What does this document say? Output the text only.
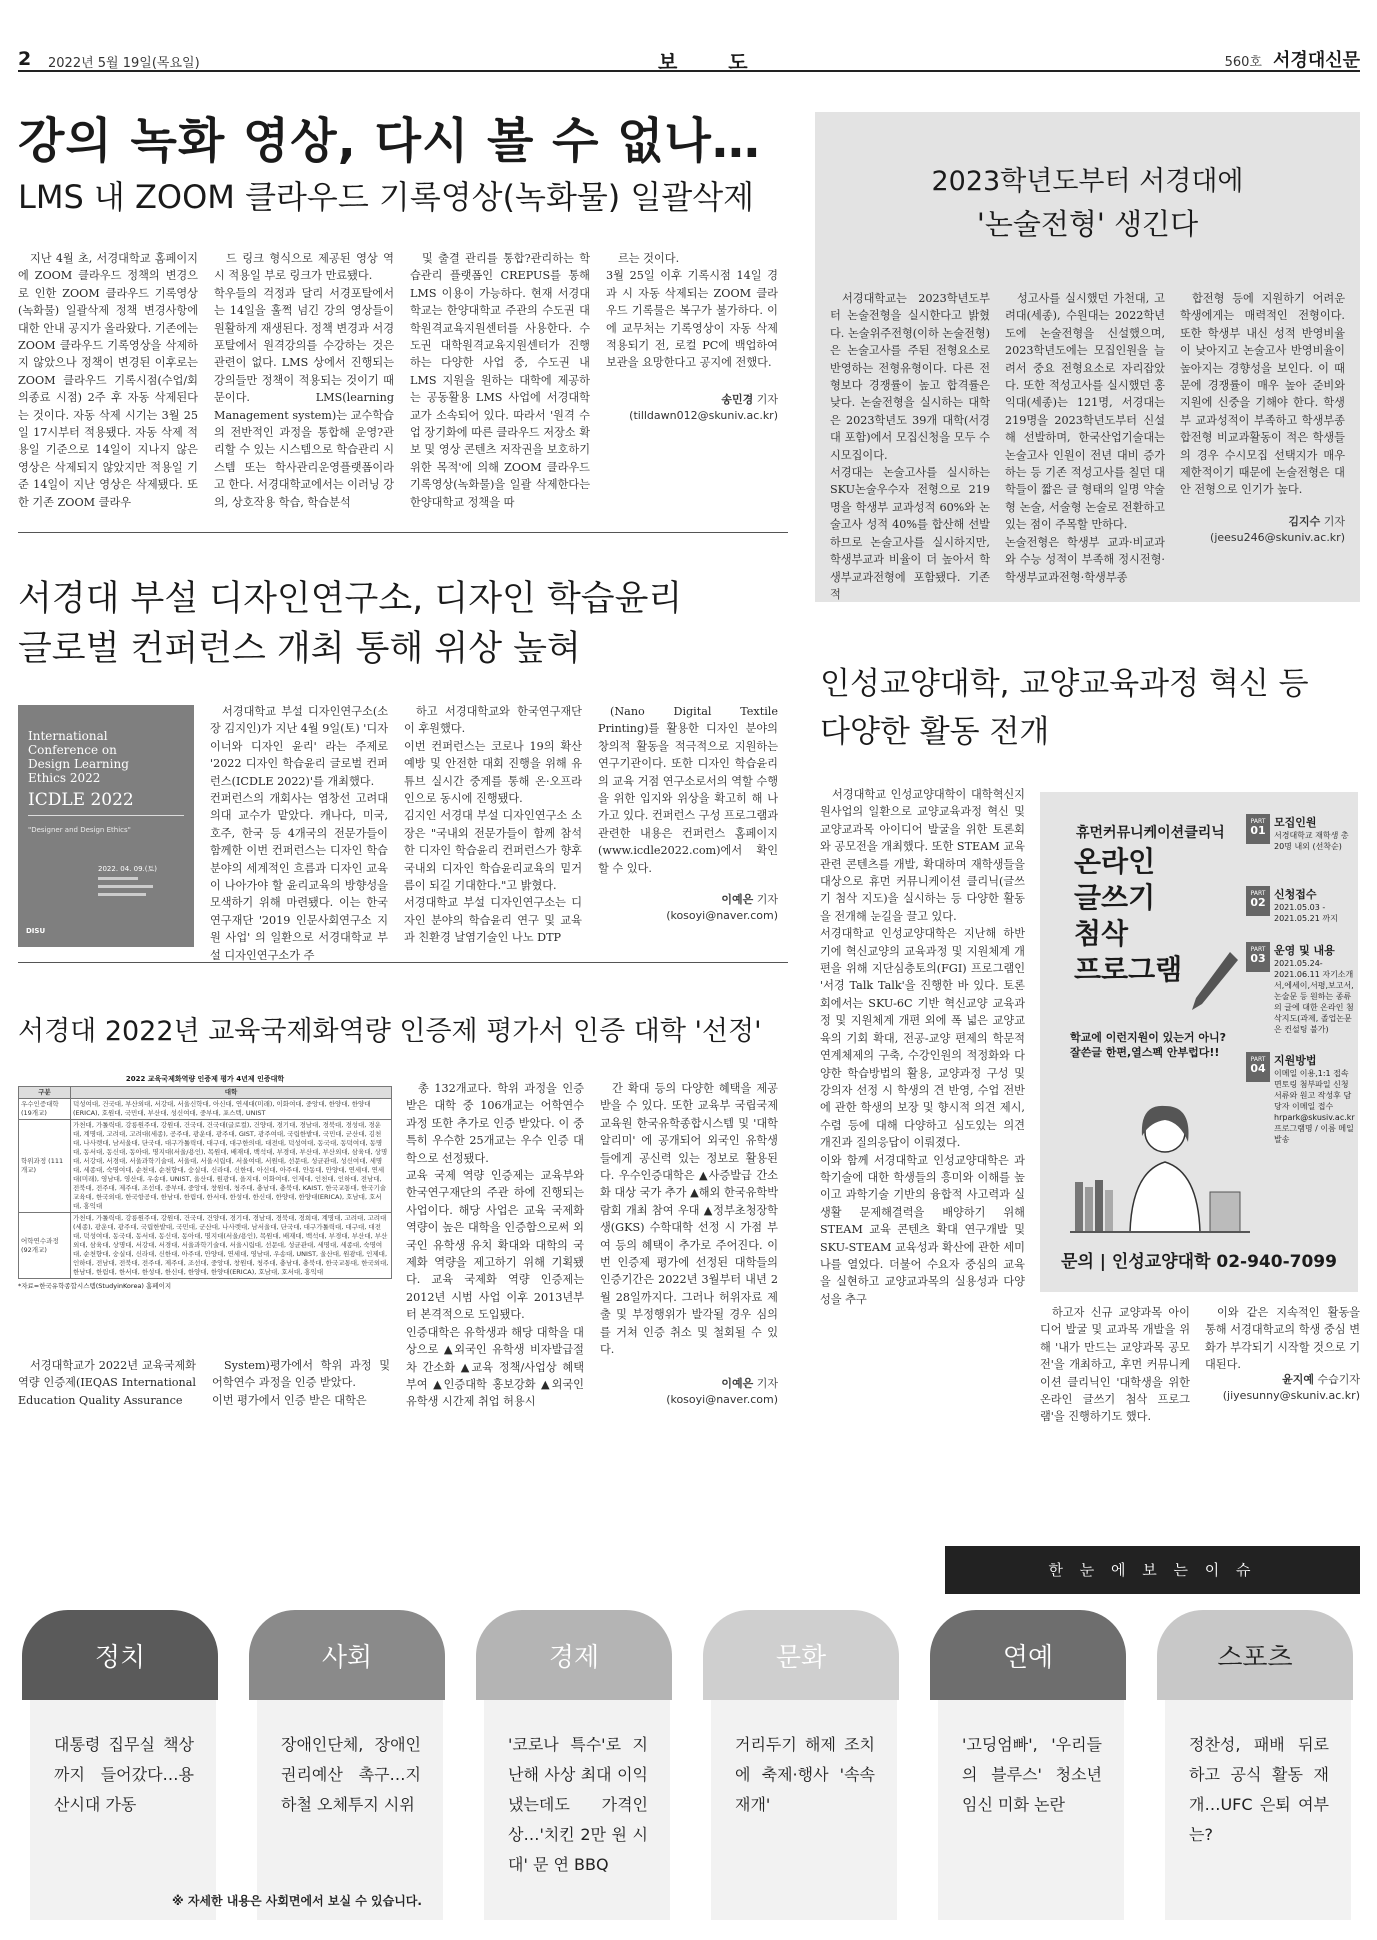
2 2022년 5월 19일(목요일)	보 도	560호 서경대신문
강의 녹화 영상, 다시 볼 수 없나…
LMS 내 ZOOM 클라우드 기록영상(녹화물) 일괄삭제
지난 4월 초, 서경대학교 홈페이지에 ZOOM 클라우드 정책의 변경으로 인한 ZOOM 클라우드 기록영상(녹화물) 일괄삭제 정책 변경사항에 대한 안내 공지가 올라왔다. 기존에는 ZOOM 클라우드 기록영상을 삭제하지 않았으나 정책이 변경된 이후로는 ZOOM 클라우드 기록시점(수업/회의종료 시점) 2주 후 자동 삭제된다는 것이다. 자동 삭제 시기는 3월 25일 17시부터 적용됐다. 자동 삭제 적용일 기준으로 14일이 지나지 않은 영상은 삭제되지 않았지만 적용일 기준 14일이 지난 영상은 삭제됐다. 또한 기존 ZOOM 클라우
드 링크 형식으로 제공된 영상 역시 적용일 부로 링크가 만료됐다.
학우들의 걱정과 달리 서경포탈에서는 14일을 훌쩍 넘긴 강의 영상들이 원활하게 재생된다. 정책 변경과 서경포탈에서 원격강의를 수강하는 것은 관련이 없다. LMS 상에서 진행되는 강의들만 정책이 적용되는 것이기 때문이다. LMS(learning Management system)는 교수학습의 전반적인 과정을 통합해 운영?관리할 수 있는 시스템으로 학습관리 시스템 또는 학사관리운영플랫폼이라고 한다. 서경대학교에서는 이러닝 강의, 상호작용 학습, 학습분석
및 출결 관리를 통합?관리하는 학습관리 플랫폼인 CREPUS를 통해 LMS 이용이 가능하다. 현재 서경대학교는 한양대학교 주관의 수도권 대학원격교육지원센터를 사용한다. 수도권 대학원격교육지원센터가 진행하는 다양한 사업 중, 수도권 내 LMS 지원을 원하는 대학에 제공하는 공동활용 LMS 사업에 서경대학교가 소속되어 있다. 따라서 '원격 수업 장기화에 따른 클라우드 저장소 확보 및 영상 콘텐츠 저작권을 보호하기 위한 목적'에 의해 ZOOM 클라우드 기록영상(녹화물)을 일괄 삭제한다는 한양대학교 정책을 따
르는 것이다.
3월 25일 이후 기록시점 14일 경과 시 자동 삭제되는 ZOOM 클라우드 기록물은 복구가 불가하다. 이에 교무처는 기록영상이 자동 삭제 적용되기 전, 로컬 PC에 백업하여 보관을 요망한다고 공지에 전했다.
송민경 기자
(tilldawn012@skuniv.ac.kr)
2023학년도부터 서경대에
'논술전형' 생긴다
서경대학교는 2023학년도부터 논술전형을 실시한다고 밝혔다. 논술위주전형(이하 논술전형)은 논술고사를 주된 전형요소로 반영하는 전형유형이다. 다른 전형보다 경쟁률이 높고 합격률은 낮다. 논술전형을 실시하는 대학은 2023학년도 39개 대학(서경대 포함)에서 모집신청을 모두 수시모집이다.
서경대는 논술고사를 실시하는 SKU논술우수자 전형으로 219명을 학생부 교과성적 60%와 논술고사 성적 40%를 합산해 선발하므로 논술고사를 실시하지만, 학생부교과 비율이 더 높아서 학생부교과전형에 포함됐다. 기존 적
성고사를 실시했던 가천대, 고려대(세종), 수원대는 2022학년도에 논술전형을 신설했으며, 2023학년도에는 모집인원을 늘려서 중요 전형요소로 자리잡았다. 또한 적성고사를 실시했던 홍익대(세종)는 121명, 서경대는 219명을 2023학년도부터 신설해 선발하며, 한국산업기술대는 논술고사 인원이 전년 대비 증가하는 등 기존 적성고사를 칠던 대학들이 짧은 글 형태의 일명 약술형 논술, 서술형 논술로 전환하고 있는 점이 주목할 만하다.
논술전형은 학생부 교과·비교과와 수능 성적이 부족해 정시전형·학생부교과전형·학생부종
합전형 등에 지원하기 어려운 학생에게는 매력적인 전형이다. 또한 학생부 내신 성적 반영비율이 낮아지고 논술고사 반영비율이 높아지는 경향성을 보인다. 이 때문에 경쟁률이 매우 높아 준비와 지원에 신중을 기해야 한다. 학생부 교과성적이 부족하고 학생부종합전형 비교과활동이 적은 학생들의 경우 수시모집 선택지가 매우 제한적이기 때문에 논술전형은 대안 전형으로 인기가 높다.
김지수 기자
(jeesu246@skuniv.ac.kr)
서경대 부설 디자인연구소, 디자인 학습윤리
글로벌 컨퍼런스 개최 통해 위상 높혀
International
Conference on
Design Learning
Ethics 2022
ICDLE 2022
"Designer and Design Ethics"
2022. 04. 09.(토)
DISU
서경대학교 부설 디자인연구소(소장 김지인)가 지난 4월 9일(토) '디자이너와 디자인 윤리' 라는 주제로 '2022 디자인 학습윤리 글로벌 컨퍼런스(ICDLE 2022)'를 개최했다.
컨퍼런스의 개회사는 염창선 고려대 의대 교수가 맡았다. 캐나다, 미국, 호주, 한국 등 4개국의 전문가들이 함께한 이번 컨퍼런스는 디자인 학습분야의 세계적인 흐름과 디자인 교육이 나아가야 할 윤리교육의 방향성을 모색하기 위해 마련됐다. 이는 한국연구재단 '2019 인문사회연구소 지원 사업' 의 일환으로 서경대학교 부설 디자인연구소가 주
하고 서경대학교와 한국연구재단이 후원했다.
이번 컨퍼런스는 코로나 19의 확산 예방 및 안전한 대회 진행을 위해 유튜브 실시간 중계를 통해 온·오프라인으로 동시에 진행됐다.
김지인 서경대 부설 디자인연구소 소장은 "국내외 전문가들이 함께 참석한 디자인 학습윤리 컨퍼런스가 향후 국내외 디자인 학습윤리교육의 밑거름이 되길 기대한다."고 밝혔다.
서경대학교 부설 디자인연구소는 디자인 분야의 학습윤리 연구 및 교육과 친환경 날염기술인 나노 DTP
(Nano Digital Textile Printing)를 활용한 디자인 분야의 창의적 활동을 적극적으로 지원하는 연구기관이다. 또한 디자인 학습윤리의 교육 거점 연구소로서의 역할 수행을 위한 입지와 위상을 확고히 해 나가고 있다. 컨퍼런스 구성 프로그램과 관련한 내용은 컨퍼런스 홈페이지(www.icdle2022.com)에서 확인할 수 있다.
이예은 기자
(kosoyi@naver.com)
서경대 2022년 교육국제화역량 인증제 평가서 인증 대학 '선정'
2022 교육국제화역량 인증제 평가 4년제 인증대학
구분	대학
우수인증대학 (19개교)	덕성여대, 건국대, 부산외대, 서강대, 서울신학대, 아신대, 연세대(미래), 이화여대, 중앙대, 한양대, 한양대(ERICA), 호원대, 국민대, 부산대, 성신여대, 중부대, 포스텍, UNIST
학위과정 (111개교)	가천대, 가톨릭대, 강릉원주대, 강원대, 건국대, 건국대(글로컬), 건양대, 경기대, 경남대, 경북대, 경성대, 경운대, 계명대, 고려대, 고려대(세종), 공주대, 광운대, 광주대, GIST, 광주여대, 국립한밭대, 국민대, 군산대, 김천대, 나사렛대, 남서울대, 단국대, 대구가톨릭대, 대구대, 대구한의대, 대전대, 덕성여대, 동국대, 동덕여대, 동명대, 동서대, 동신대, 동아대, 명지대(서울/용인), 목원대, 배재대, 백석대, 부경대, 부산대, 부산외대, 삼육대, 상명대, 서강대, 서경대, 서울과학기술대, 서울대, 서울시립대, 서울여대, 서원대, 선문대, 성균관대, 성신여대, 세명대, 세종대, 숙명여대, 순천대, 순천향대, 숭실대, 신라대, 신한대, 아신대, 아주대, 안동대, 안양대, 연세대, 연세대(미래), 영남대, 영산대, 우송대, UNIST, 울산대, 원광대, 을지대, 이화여대, 인제대, 인천대, 인하대, 전남대, 전북대, 전주대, 제주대, 조선대, 중부대, 중앙대, 창원대, 청주대, 충남대, 충북대, KAIST, 한국교통대, 한국기술교육대, 한국외대, 한국항공대, 한남대, 한림대, 한서대, 한성대, 한신대, 한양대, 한양대(ERICA), 호남대, 호서대, 홍익대
어학연수과정 (92개교)	가천대, 가톨릭대, 강릉원주대, 강원대, 건국대, 건양대, 경기대, 경남대, 경북대, 경희대, 계명대, 고려대, 고려대(세종), 광운대, 광주대, 국립한밭대, 국민대, 군산대, 나사렛대, 남서울대, 단국대, 대구가톨릭대, 대구대, 대전대, 덕성여대, 동국대, 동서대, 동신대, 동아대, 명지대(서울/용인), 목원대, 배재대, 백석대, 부경대, 부산대, 부산외대, 삼육대, 상명대, 서강대, 서경대, 서울과학기술대, 서울시립대, 선문대, 성균관대, 세명대, 세종대, 숙명여대, 순천향대, 숭실대, 신라대, 신한대, 아주대, 안양대, 연세대, 영남대, 우송대, UNIST, 울산대, 원광대, 인제대, 인하대, 전남대, 전북대, 전주대, 제주대, 조선대, 중앙대, 창원대, 청주대, 충남대, 충북대, 한국교통대, 한국외대, 한남대, 한림대, 한서대, 한성대, 한신대, 한양대, 한양대(ERICA), 호남대, 호서대, 홍익대
*자료=한국유학종합시스템(StudyinKorea) 홈페이지
서경대학교가 2022년 교육국제화역량 인증제(IEQAS International Education Quality Assurance
System)평가에서 학위 과정 및 어학연수 과정을 인증 받았다.
이번 평가에서 인증 받은 대학은
총 132개교다. 학위 과정을 인증 받은 대학 중 106개교는 어학연수 과정 또한 추가로 인증 받았다. 이 중 특히 우수한 25개교는 우수 인증 대학으로 선정됐다.
교육 국제 역량 인증제는 교육부와 한국연구재단의 주관 하에 진행되는 사업이다. 해당 사업은 교육 국제화 역량이 높은 대학을 인증함으로써 외국인 유학생 유치 확대와 대학의 국제화 역량을 제고하기 위해 기획됐다. 교육 국제화 역량 인증제는 2012년 시범 사업 이후 2013년부터 본격적으로 도입됐다.
인증대학은 유학생과 해당 대학을 대상으로 ▲외국인 유학생 비자발급절차 간소화 ▲교육 정책/사업상 혜택 부여 ▲인증대학 홍보강화 ▲외국인 유학생 시간제 취업 허용시
간 확대 등의 다양한 혜택을 제공받을 수 있다. 또한 교육부 국립국제교육원 한국유학종합시스템 및 '대학알리미' 에 공개되어 외국인 유학생들에게 공신력 있는 정보로 활용된다. 우수인증대학은 ▲사증발급 간소화 대상 국가 추가 ▲해외 한국유학박람회 개최 참여 우대 ▲정부초청장학생(GKS) 수학대학 선정 시 가점 부여 등의 혜택이 추가로 주어진다. 이번 인증제 평가에 선정된 대학들의 인증기간은 2022년 3월부터 내년 2월 28일까지다. 그러나 허위자료 제출 및 부정행위가 발각될 경우 심의를 거쳐 인증 취소 및 철회될 수 있다.
이예은 기자
(kosoyi@naver.com)
인성교양대학, 교양교육과정 혁신 등
다양한 활동 전개
서경대학교 인성교양대학이 대학혁신지원사업의 일환으로 교양교육과정 혁신 및 교양교과목 아이디어 발굴을 위한 토론회와 공모전을 개최했다. 또한 STEAM 교육 관련 콘텐츠를 개발, 확대하며 재학생들을 대상으로 휴먼 커뮤니케이션 클리닉(글쓰기 첨삭 지도)을 실시하는 등 다양한 활동을 전개해 눈길을 끌고 있다.
서경대학교 인성교양대학은 지난해 하반기에 혁신교양의 교육과정 및 지원체계 개편을 위해 지단심층토의(FGI) 프로그램인 '서경 Talk Talk'을 진행한 바 있다. 토론회에서는 SKU-6C 기반 혁신교양 교육과정 및 지원체계 개편 외에 폭 넓은 교양교육의 기회 확대, 전공-교양 편제의 학문적 연계체제의 구축, 수강인원의 적정화와 다양한 학습방법의 활용, 교양과정 구성 및 강의자 선정 시 학생의 견 반영, 수업 전반에 관한 학생의 보장 및 향시적 의견 제시, 수렴 등에 대해 다양하고 심도있는 의견 개진과 질의응답이 이뤄졌다.
이와 함께 서경대학교 인성교양대학은 과학기술에 대한 학생들의 흥미와 이해를 높이고 과학기술 기반의 융합적 사고력과 실생활 문제해결력을 배양하기 위해 STEAM 교육 콘텐츠 확대 연구개발 및 SKU-STEAM 교육성과 확산에 관한 세미나를 열었다. 더불어 수요자 중심의 교육을 실현하고 교양교과목의 실용성과 다양성을 추구
휴먼커뮤니케이션클리닉
온라인
글쓰기
첨삭
프로그램
학교에 이런지원이 있는거 아니? 잘쓴글 한편,열스펙 안부럽다!!
PART
01
모집인원
서경대학교 재학생 총 20명 내외 (선착순)
PART
02
신청접수
2021.05.03 - 2021.05.21 까지
PART
03
운영 및 내용
2021.05.24-2021.06.11 자기소개서,에세이,서평,보고서,논술문 등 원하는 종류의 글에 대한 온라인 첨삭지도(과제, 졸업논문은 컨설팅 불가)
PART
04
지원방법
이메일 이용,1:1 접속 면토링 첨부파일 신청서류와 원고 작성후 담당자 이메일 접수 hrpark@skusiv.ac.kr 프로그램명 / 이름 메일발송
문의 | 인성교양대학 02-940-7099
하고자 신규 교양과목 아이디어 발굴 및 교과목 개발을 위해 '내가 만드는 교양과목 공모전'을 개최하고, 후먼 커뮤니케이션 클리닉인 '대학생을 위한 온라인 글쓰기 첨삭 프로그램'을 진행하기도 했다.
이와 같은 지속적인 활동을 통해 서경대학교의 학생 중심 변화가 부각되기 시작할 것으로 기대된다.
윤지예 수습기자
(jiyesunny@skuniv.ac.kr)
한 눈 에 보 는 이 슈
정치
대통령 집무실 책상까지 들어갔다…용산시대 가동
사회
장애인단체, 장애인 권리예산 촉구…지하철 오체투지 시위
경제
'코로나 특수'로 지난해 사상 최대 이익 냈는데도 가격인상…'치킨 2만 원 시대' 문 연 BBQ
문화
거리두기 해제 조치에 축제·행사 '속속 재개'
연예
'고딩엄빠', '우리들의 블루스' 청소년 임신 미화 논란
스포츠
정찬성, 패배 뒤로 하고 공식 활동 재개…UFC 은퇴 여부는?
※ 자세한 내용은 사회면에서 보실 수 있습니다.
